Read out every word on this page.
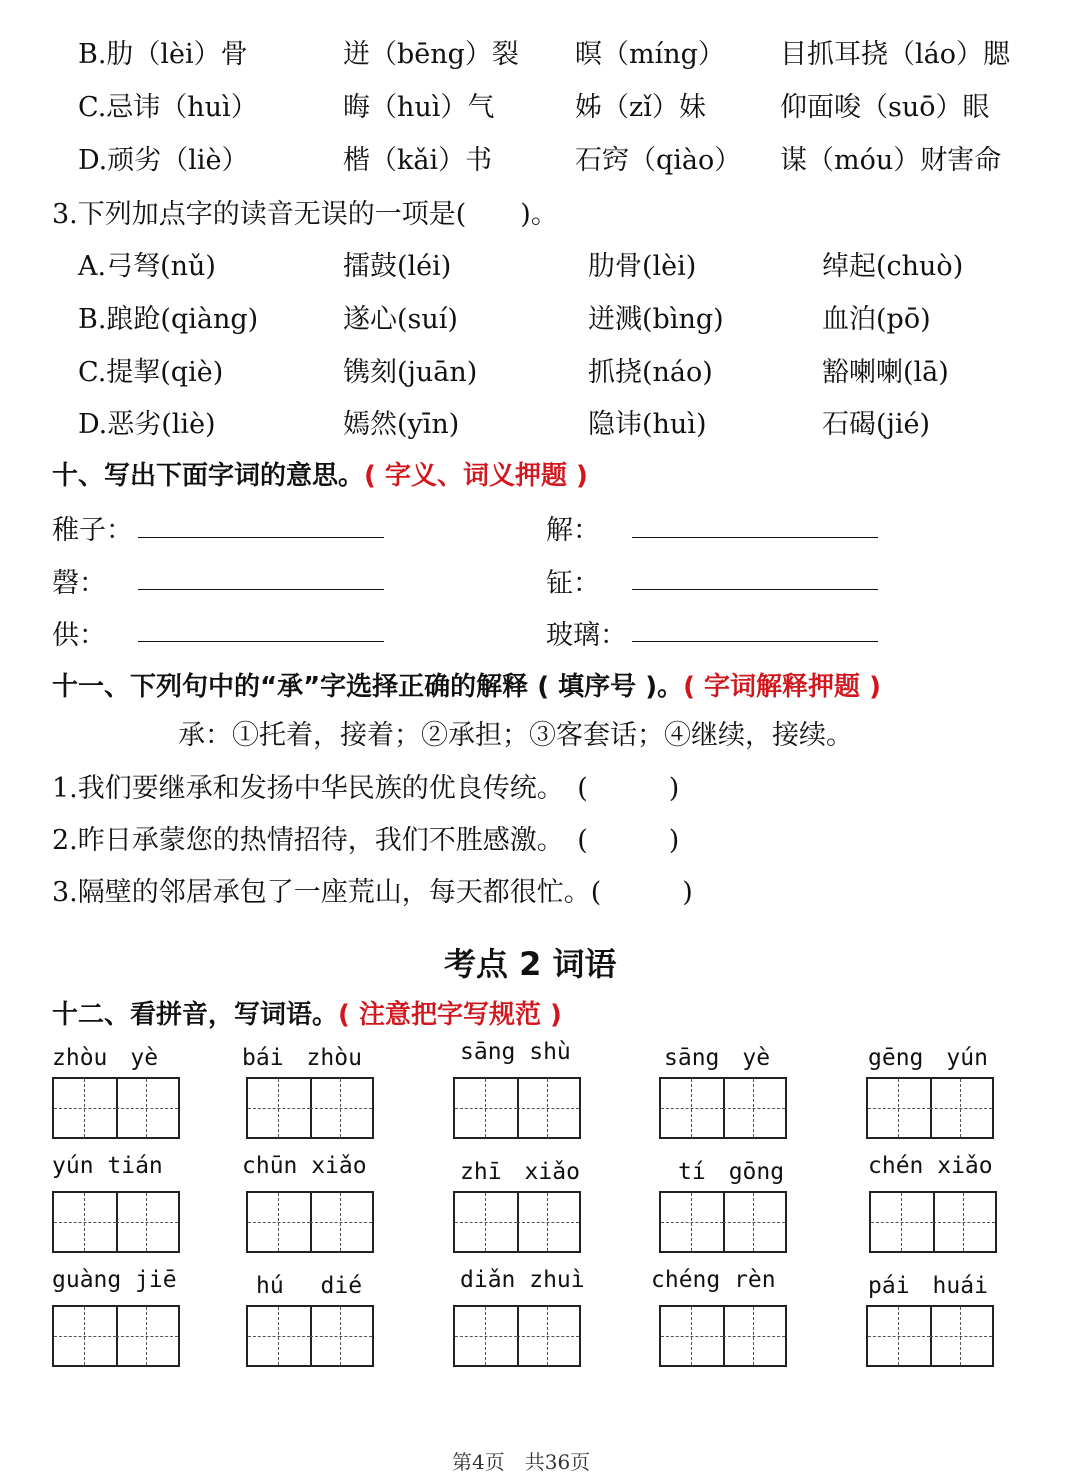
B.肋（lèi）骨	迸（bēng）裂 暝（míng） 目抓耳挠（láo）腮
C.忌讳（huì）	晦（huì）气	姊（zǐ）妹	仰面唆（suō）眼
D.顽劣（liè）	楷（kǎi）书	石窍（qiào） 谋（móu）财害命
3.下列加点字的读音无误的一项是(　　)。
A.弓弩(nǔ)	擂鼓(léi)	肋骨(lèi)	绰起(chuò)
B.踉跄(qiàng)	遂心(suí)	迸溅(bìng)	血泊(pō)
C.提挈(qiè)	镌刻(juān)	抓挠(náo)	豁喇喇(lā)
D.恶劣(liè)	嫣然(yīn)	隐讳(huì)	石碣(jié)
十、写出下面字词的意思。( 字义、词义押题 )
稚子：	解：
磬：	钲：
供：	玻璃：
十一、下列句中的“承”字选择正确的解释 ( 填序号 )。( 字词解释押题 )
承：①托着，接着；②承担；③客套话；④继续，接续。
1.我们要继承和发扬中华民族的优良传统。　(　　　)
2.昨日承蒙您的热情招待，我们不胜感激。　(　　　)
3.隔壁的邻居承包了一座荒山，每天都很忙。(　　　)
考点 2 词语
十二、看拼音，写词语。( 注意把字写规范 )
zhòu　yè	bái　zhòu	sāng shù	sāng　yè	gēng　yún
yún tián	chūn xiǎo	zhī　xiǎo	tí　gōng	chén xiǎo
guàng jiē	hú　 dié	diǎn zhuì	chéng rèn	pái　huái
第4页　共36页
